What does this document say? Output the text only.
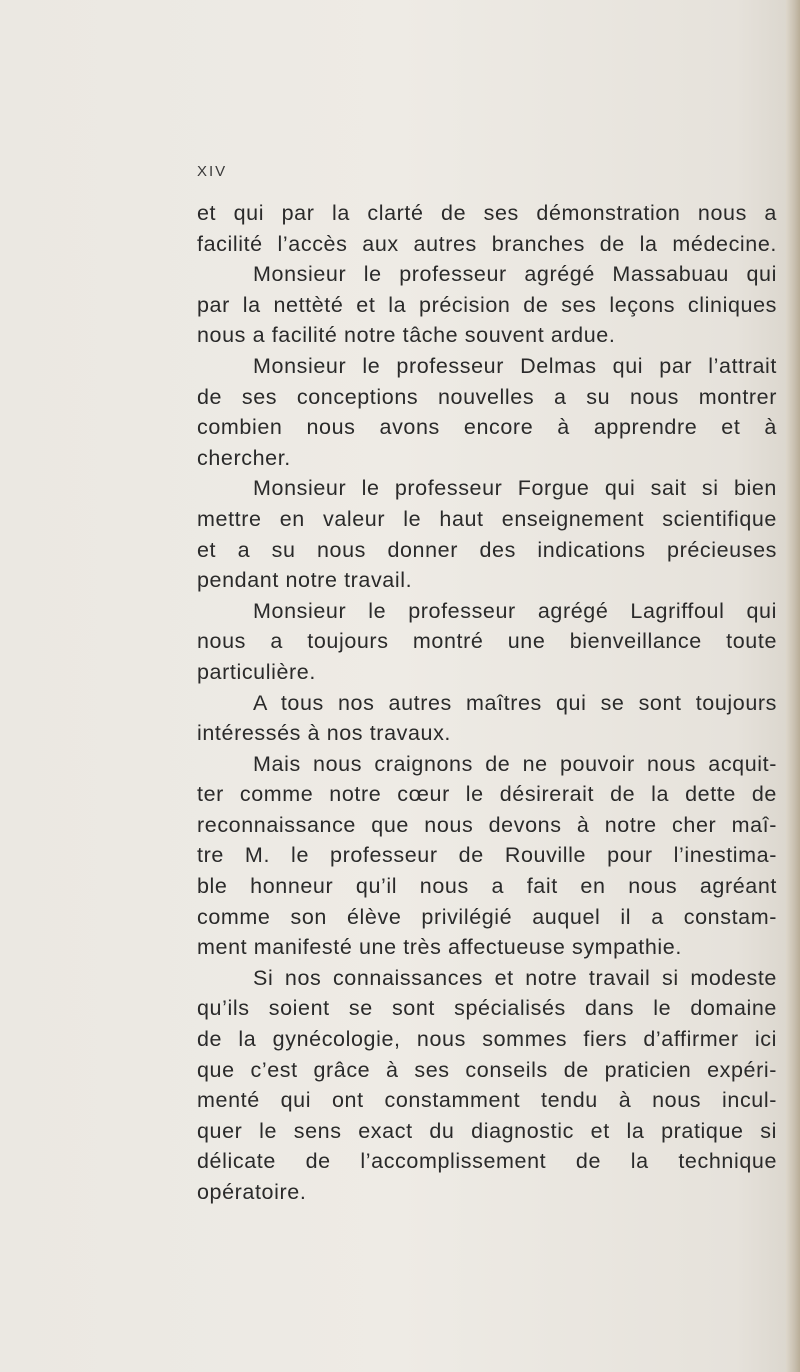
XIV
et qui par la clarté de ses démonstration nous a
facilité l’accès aux autres branches de la médecine.
Monsieur le professeur agrégé Massabuau qui
par la nettèté et la précision de ses leçons cliniques
nous a facilité notre tâche souvent ardue.
Monsieur le professeur Delmas qui par l’attrait
de ses conceptions nouvelles a su nous montrer
combien nous avons encore à apprendre et à
chercher.
Monsieur le professeur Forgue qui sait si bien
mettre en valeur le haut enseignement scientifique
et a su nous donner des indications précieuses
pendant notre travail.
Monsieur le professeur agrégé Lagriffoul qui
nous a toujours montré une bienveillance toute
particulière.
A tous nos autres maîtres qui se sont toujours
intéressés à nos travaux.
Mais nous craignons de ne pouvoir nous acquit-
ter comme notre cœur le désirerait de la dette de
reconnaissance que nous devons à notre cher maî-
tre M. le professeur de Rouville pour l’inestima-
ble honneur qu’il nous a fait en nous agréant
comme son élève privilégié auquel il a constam-
ment manifesté une très affectueuse sympathie.
Si nos connaissances et notre travail si modeste
qu’ils soient se sont spécialisés dans le domaine
de la gynécologie, nous sommes fiers d’affirmer ici
que c’est grâce à ses conseils de praticien expéri-
menté qui ont constamment tendu à nous incul-
quer le sens exact du diagnostic et la pratique si
délicate de l’accomplissement de la technique
opératoire.
